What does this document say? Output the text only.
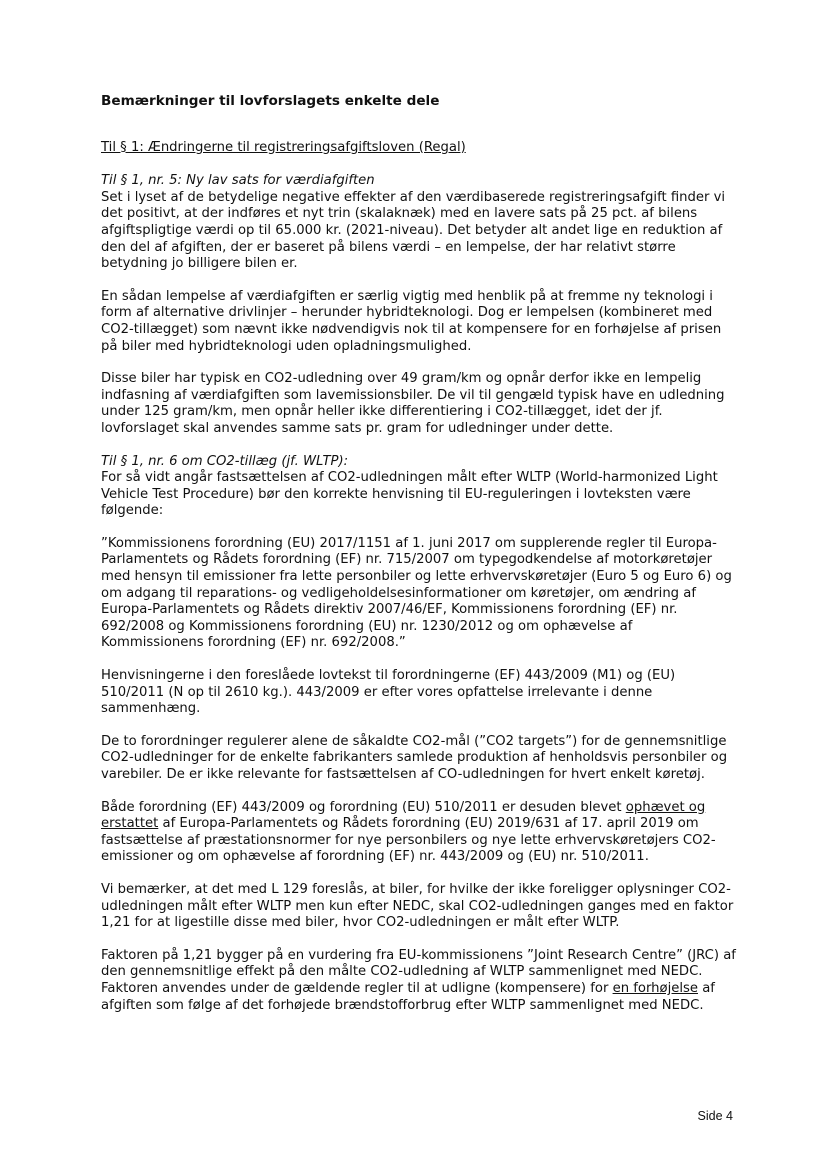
Bemærkninger til lovforslagets enkelte dele
Til § 1: Ændringerne til registreringsafgiftsloven (Regal)
Til § 1, nr. 5: Ny lav sats for værdiafgiften

Set i lyset af de betydelige negative effekter af den værdibaserede registreringsafgift finder vi det positivt, at der indføres et nyt trin (skalaknæk) med en lavere sats på 25 pct. af bilens afgiftspligtige værdi op til 65.000 kr. (2021-niveau). Det betyder alt andet lige en reduktion af den del af afgiften, der er baseret på bilens værdi – en lempelse, der har relativt større betydning jo billigere bilen er.

En sådan lempelse af værdiafgiften er særlig vigtig med henblik på at fremme ny teknologi i form af alternative drivlinjer – herunder hybridteknologi. Dog er lempelsen (kombineret med CO2-tillægget) som nævnt ikke nødvendigvis nok til at kompensere for en forhøjelse af prisen på biler med hybridteknologi uden opladningsmulighed.

Disse biler har typisk en CO2-udledning over 49 gram/km og opnår derfor ikke en lempelig indfasning af værdiafgiften som lavemissionsbiler. De vil til gengæld typisk have en udledning under 125 gram/km, men opnår heller ikke differentiering i CO2-tillægget, idet der jf. lovforslaget skal anvendes samme sats pr. gram for udledninger under dette.

Til § 1, nr. 6 om CO2-tillæg (jf. WLTP):

For så vidt angår fastsættelsen af CO2-udledningen målt efter WLTP (World-harmonized Light Vehicle Test Procedure) bør den korrekte henvisning til EU-reguleringen i lovteksten være følgende:

”Kommissionens forordning (EU) 2017/1151 af 1. juni 2017 om supplerende regler til Europa-Parlamentets og Rådets forordning (EF) nr. 715/2007 om typegodkendelse af motorkøretøjer med hensyn til emissioner fra lette personbiler og lette erhvervskøretøjer (Euro 5 og Euro 6) og om adgang til reparations- og vedligeholdelsesinformationer om køretøjer, om ændring af Europa-Parlamentets og Rådets direktiv 2007/46/EF, Kommissionens forordning (EF) nr. 692/2008 og Kommissionens forordning (EU) nr. 1230/2012 og om ophævelse af Kommissionens forordning (EF) nr. 692/2008.”

Henvisningerne i den foreslåede lovtekst til forordningerne (EF) 443/2009 (M1) og (EU) 510/2011 (N op til 2610 kg.). 443/2009 er efter vores opfattelse irrelevante i denne sammenhæng.

De to forordninger regulerer alene de såkaldte CO2-mål (”CO2 targets”) for de gennemsnitlige CO2-udledninger for de enkelte fabrikanters samlede produktion af henholdsvis personbiler og varebiler. De er ikke relevante for fastsættelsen af CO-udledningen for hvert enkelt køretøj.

Både forordning (EF) 443/2009 og forordning (EU) 510/2011 er desuden blevet ophævet og erstattet af Europa-Parlamentets og Rådets forordning (EU) 2019/631 af 17. april 2019 om fastsættelse af præstationsnormer for nye personbilers og nye lette erhvervskøretøjers CO2-emissioner og om ophævelse af forordning (EF) nr. 443/2009 og (EU) nr. 510/2011.

Vi bemærker, at det med L 129 foreslås, at biler, for hvilke der ikke foreligger oplysninger CO2-udledningen målt efter WLTP men kun efter NEDC, skal CO2-udledningen ganges med en faktor 1,21 for at ligestille disse med biler, hvor CO2-udledningen er målt efter WLTP.

Faktoren på 1,21 bygger på en vurdering fra EU-kommissionens ”Joint Research Centre” (JRC) af den gennemsnitlige effekt på den målte CO2-udledning af WLTP sammenlignet med NEDC. Faktoren anvendes under de gældende regler til at udligne (kompensere) for en forhøjelse af afgiften som følge af det forhøjede brændstofforbrug efter WLTP sammenlignet med NEDC.

Side 4
